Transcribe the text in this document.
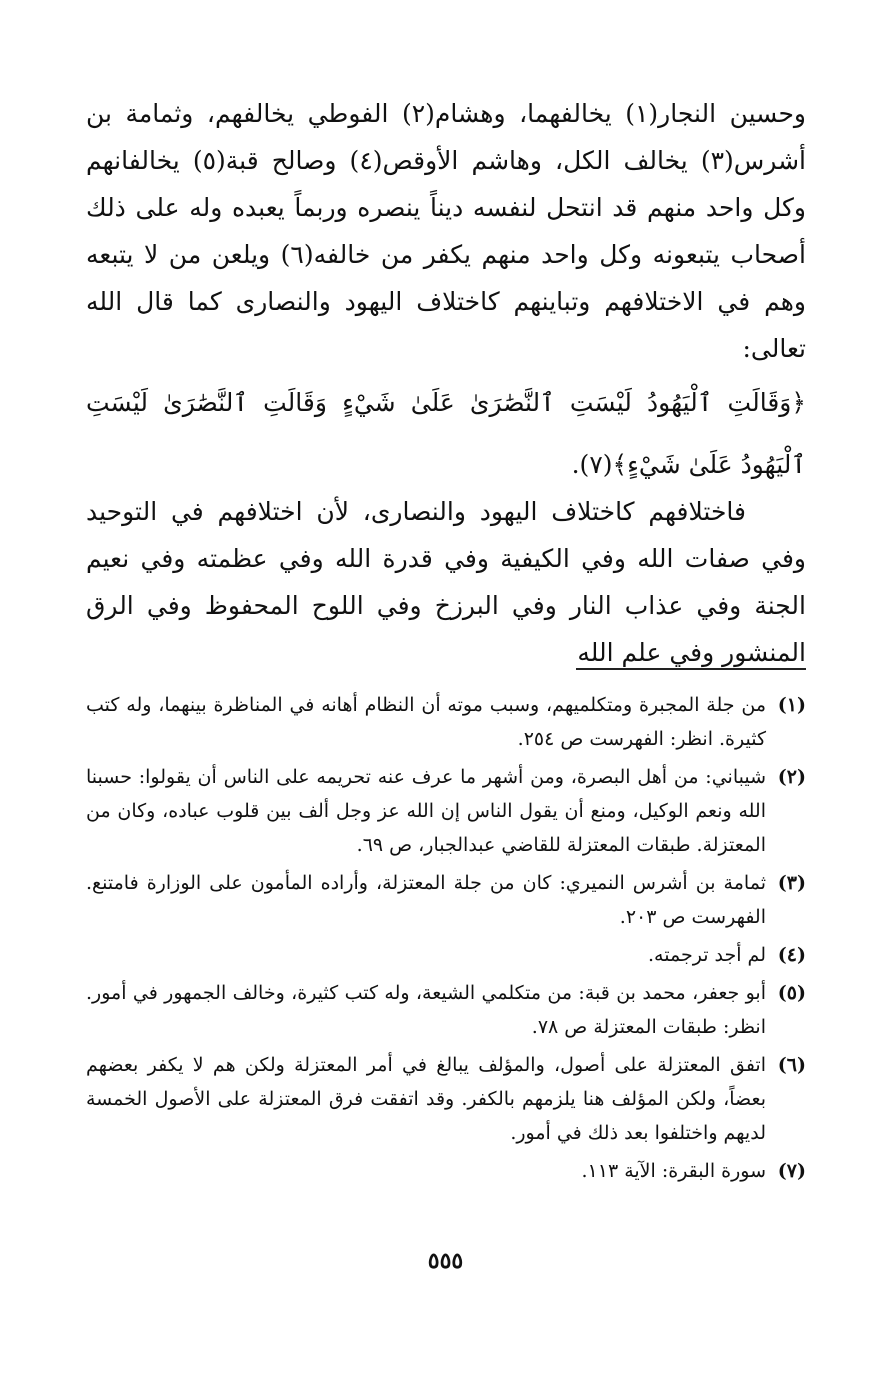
وحسين النجار(١) يخالفهما، وهشام(٢) الفوطي يخالفهم، وثمامة بن أشرس(٣) يخالف الكل، وهاشم الأوقص(٤) وصالح قبة(٥) يخالفانهم وكل واحد منهم قد انتحل لنفسه ديناً ينصره وربماً يعبده وله على ذلك أصحاب يتبعونه وكل واحد منهم يكفر من خالفه(٦) ويلعن من لا يتبعه وهم في الاختلافهم وتباينهم كاختلاف اليهود والنصارى كما قال الله تعالى:

﴿وَقَالَتِ ٱلْيَهُودُ لَيْسَتِ ٱلنَّصَٰرَىٰ عَلَىٰ شَيْءٍ وَقَالَتِ ٱلنَّصَٰرَىٰ لَيْسَتِ ٱلْيَهُودُ عَلَىٰ شَيْءٍ﴾(٧).

فاختلافهم كاختلاف اليهود والنصارى، لأن اختلافهم في التوحيد وفي صفات الله وفي الكيفية وفي قدرة الله وفي عظمته وفي نعيم الجنة وفي عذاب النار وفي البرزخ وفي اللوح المحفوظ وفي الرق المنشور وفي علم الله

(١)
من جلة المجبرة ومتكلميهم، وسبب موته أن النظام أهانه في المناظرة بينهما، وله كتب كثيرة. انظر: الفهرست ص ٢٥٤.
(٢)
شيباني: من أهل البصرة، ومن أشهر ما عرف عنه تحريمه على الناس أن يقولوا: حسبنا الله ونعم الوكيل، ومنع أن يقول الناس إن الله عز وجل ألف بين قلوب عباده، وكان من المعتزلة. طبقات المعتزلة للقاضي عبدالجبار، ص ٦٩.
(٣)
ثمامة بن أشرس النميري: كان من جلة المعتزلة، وأراده المأمون على الوزارة فامتنع. الفهرست ص ٢٠٣.
(٤)
لم أجد ترجمته.
(٥)
أبو جعفر، محمد بن قبة: من متكلمي الشيعة، وله كتب كثيرة، وخالف الجمهور في أمور. انظر: طبقات المعتزلة ص ٧٨.
(٦)
اتفق المعتزلة على أصول، والمؤلف يبالغ في أمر المعتزلة ولكن هم لا يكفر بعضهم بعضاً، ولكن المؤلف هنا يلزمهم بالكفر. وقد اتفقت فرق المعتزلة على الأصول الخمسة لديهم واختلفوا بعد ذلك في أمور.
(٧)
سورة البقرة: الآية ١١٣.
٥٥٥
